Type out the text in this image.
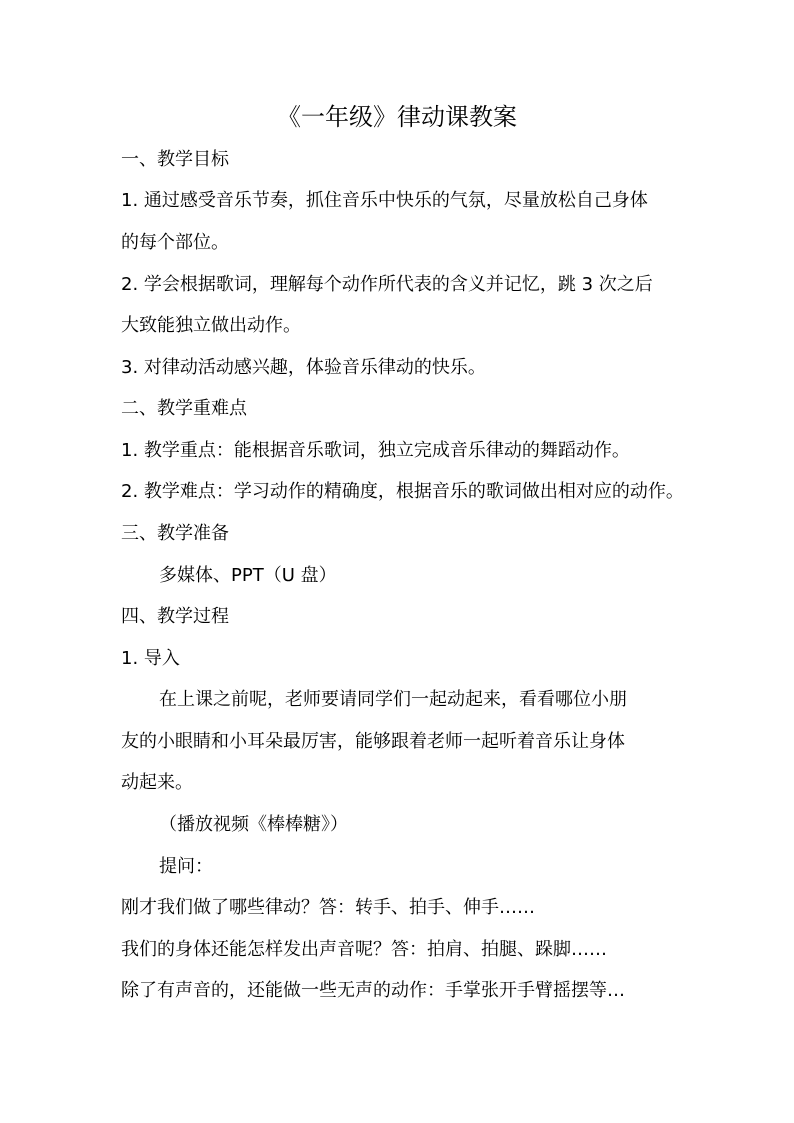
《一年级》律动课教案
一、教学目标
1. 通过感受音乐节奏，抓住音乐中快乐的气氛，尽量放松自己身体
的每个部位。
2. 学会根据歌词，理解每个动作所代表的含义并记忆，跳 3 次之后
大致能独立做出动作。
3. 对律动活动感兴趣，体验音乐律动的快乐。
二、教学重难点
1. 教学重点：能根据音乐歌词，独立完成音乐律动的舞蹈动作。
2. 教学难点：学习动作的精确度，根据音乐的歌词做出相对应的动作。
三、教学准备
多媒体、PPT（U 盘）
四、教学过程
1. 导入
在上课之前呢，老师要请同学们一起动起来，看看哪位小朋
友的小眼睛和小耳朵最厉害，能够跟着老师一起听着音乐让身体
动起来。
（播放视频《棒棒糖》）
提问：
刚才我们做了哪些律动？答：转手、拍手、伸手……
我们的身体还能怎样发出声音呢？答：拍肩、拍腿、跺脚……
除了有声音的，还能做一些无声的动作：手掌张开手臂摇摆等…
